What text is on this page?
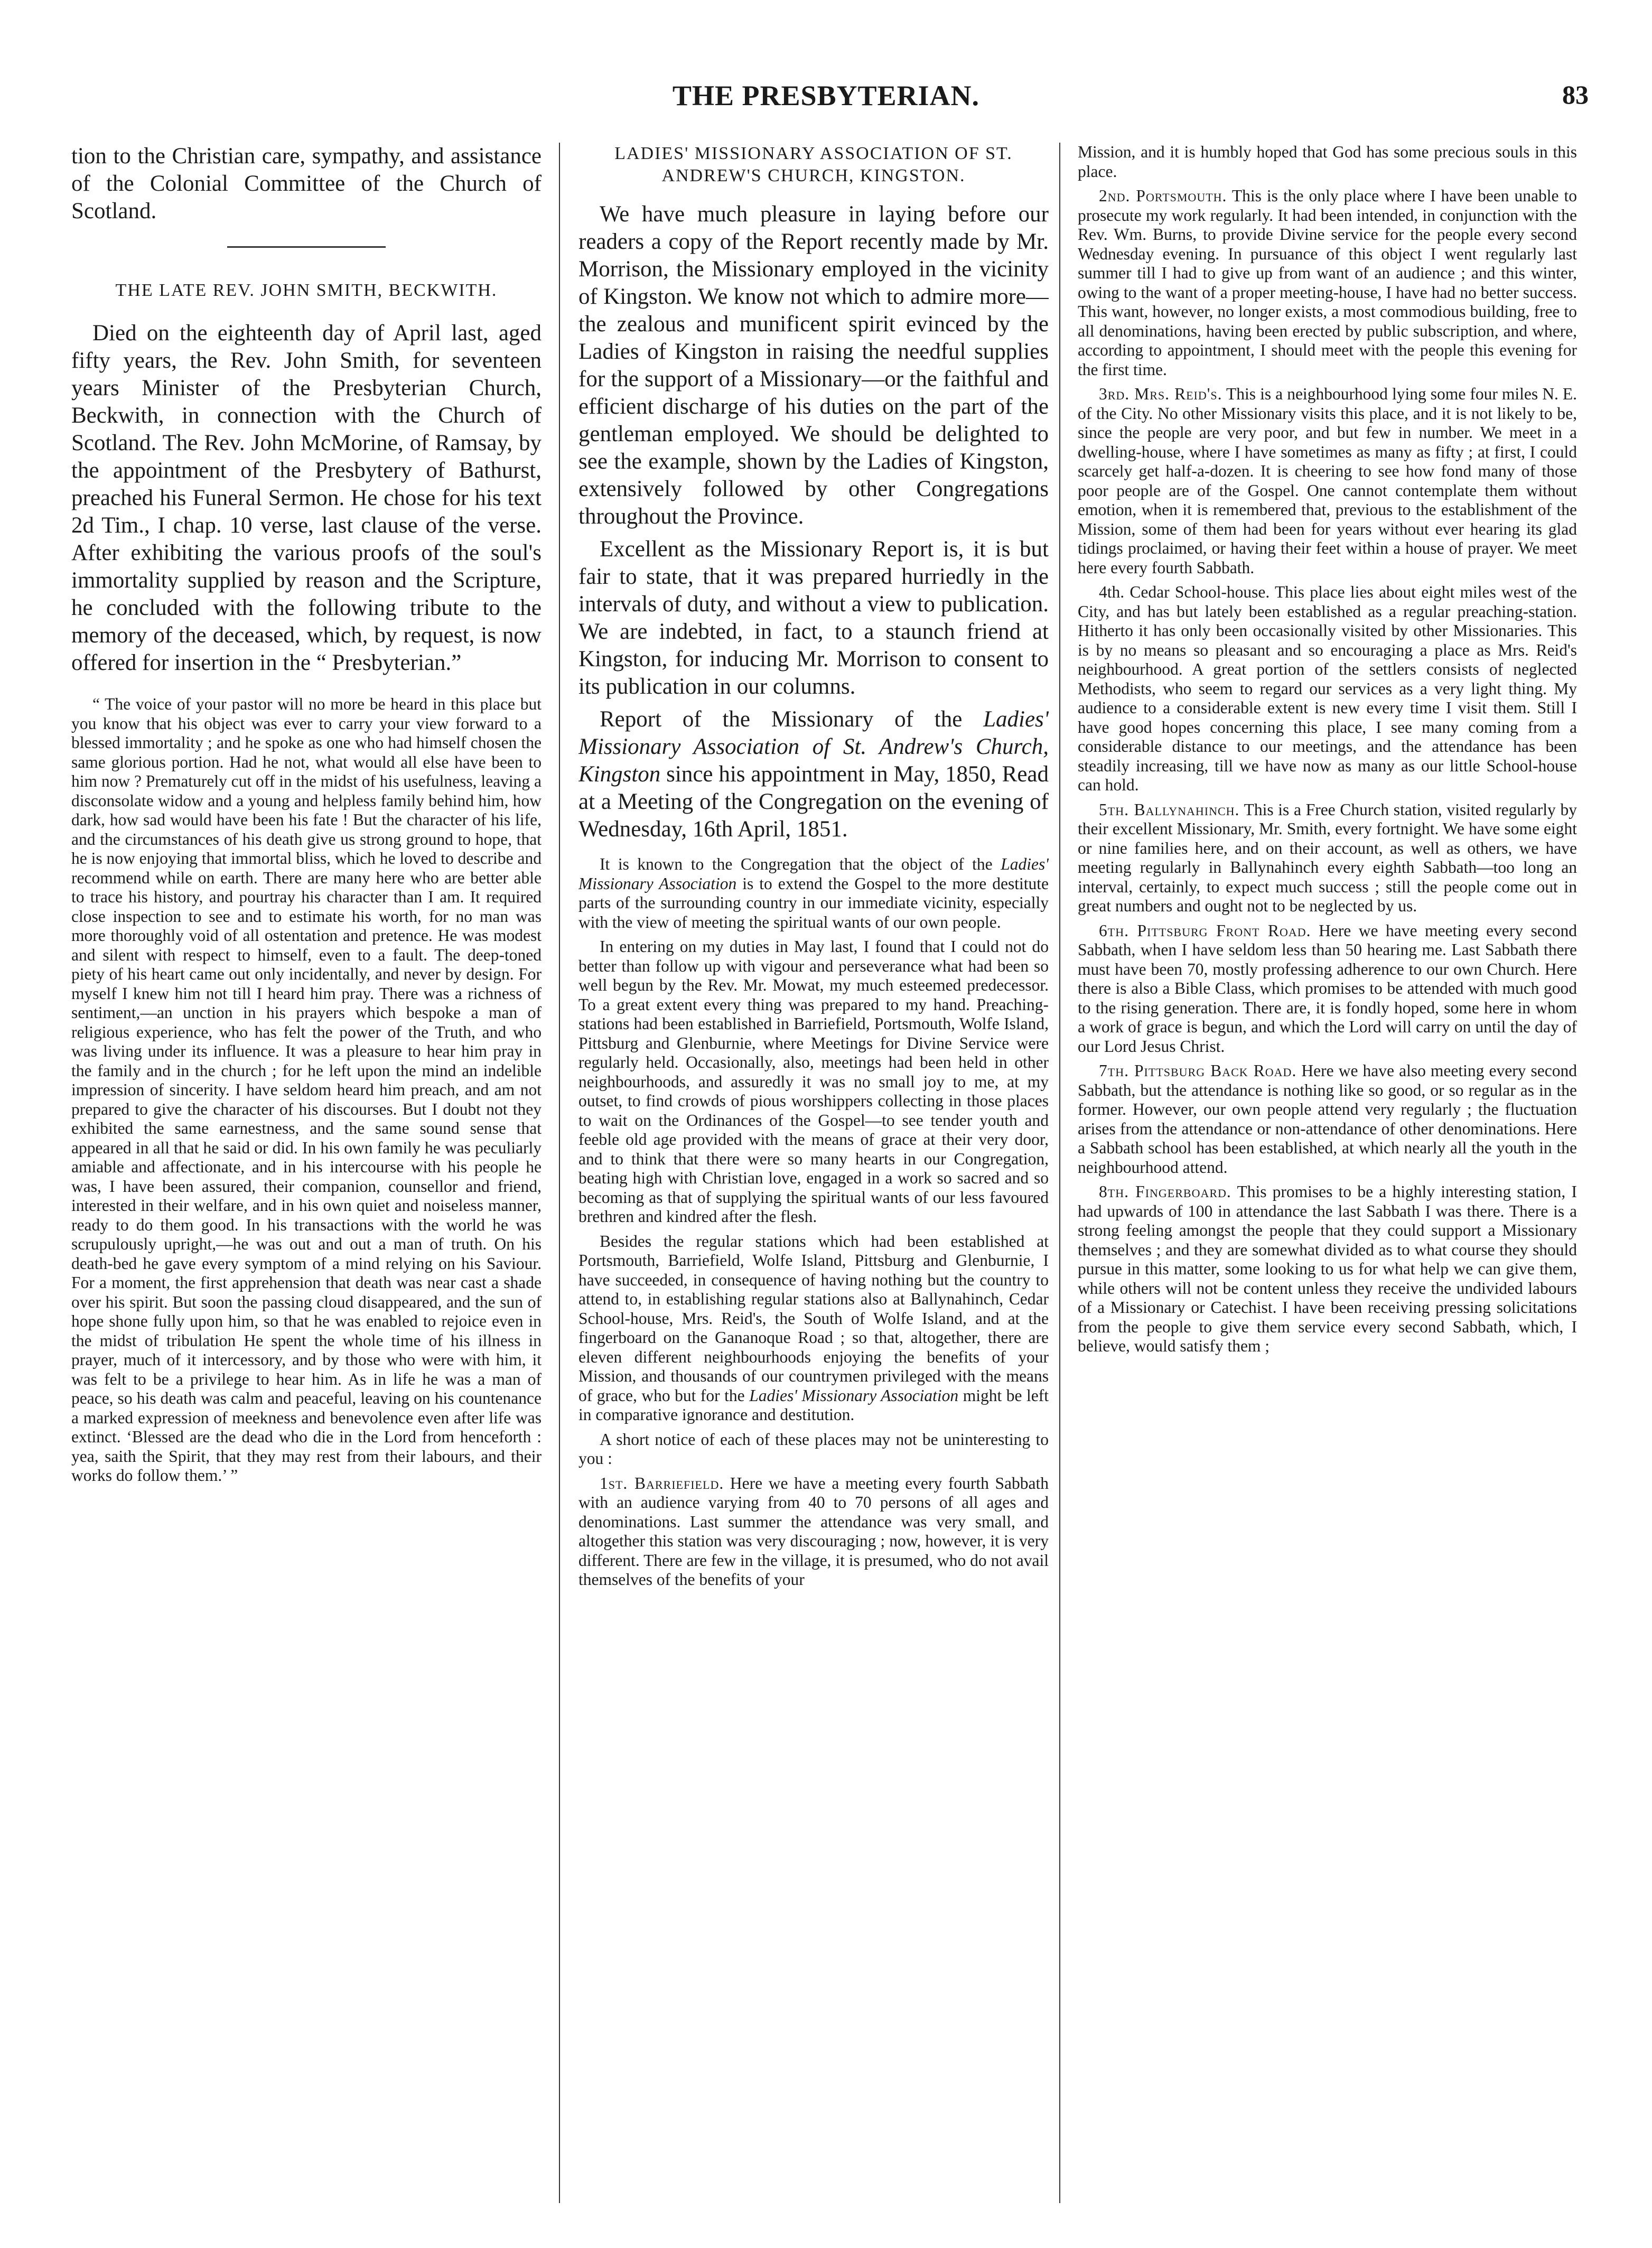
THE PRESBYTERIAN.	83

tion to the Christian care, sympathy, and assistance of the Colonial Committee of the Church of Scotland.

THE LATE REV. JOHN SMITH, BECKWITH.

Died on the eighteenth day of April last, aged fifty years, the Rev. John Smith, for seventeen years Minister of the Presbyterian Church, Beckwith, in connection with the Church of Scotland. The Rev. John McMorine, of Ramsay, by the appointment of the Presbytery of Bathurst, preached his Funeral Sermon. He chose for his text 2d Tim., I chap. 10 verse, last clause of the verse. After exhibiting the various proofs of the soul's immortality supplied by reason and the Scripture, he concluded with the following tribute to the memory of the deceased, which, by request, is now offered for insertion in the “ Presbyterian.”

“ The voice of your pastor will no more be heard in this place but you know that his object was ever to carry your view forward to a blessed immortality ; and he spoke as one who had himself chosen the same glorious portion. Had he not, what would all else have been to him now ? Prematurely cut off in the midst of his usefulness, leaving a disconsolate widow and a young and helpless family behind him, how dark, how sad would have been his fate ! But the character of his life, and the circumstances of his death give us strong ground to hope, that he is now enjoying that immortal bliss, which he loved to describe and recommend while on earth. There are many here who are better able to trace his history, and pourtray his character than I am. It required close inspection to see and to estimate his worth, for no man was more thoroughly void of all ostentation and pretence. He was modest and silent with respect to himself, even to a fault. The deep-toned piety of his heart came out only incidentally, and never by design. For myself I knew him not till I heard him pray. There was a richness of sentiment,—an unction in his prayers which bespoke a man of religious experience, who has felt the power of the Truth, and who was living under its influence. It was a pleasure to hear him pray in the family and in the church ; for he left upon the mind an indelible impression of sincerity. I have seldom heard him preach, and am not prepared to give the character of his discourses. But I doubt not they exhibited the same earnestness, and the same sound sense that appeared in all that he said or did. In his own family he was peculiarly amiable and affectionate, and in his intercourse with his people he was, I have been assured, their companion, counsellor and friend, interested in their welfare, and in his own quiet and noiseless manner, ready to do them good. In his transactions with the world he was scrupulously upright,—he was out and out a man of truth. On his death-bed he gave every symptom of a mind relying on his Saviour. For a moment, the first apprehension that death was near cast a shade over his spirit. But soon the passing cloud disappeared, and the sun of hope shone fully upon him, so that he was enabled to rejoice even in the midst of tribulation He spent the whole time of his illness in prayer, much of it intercessory, and by those who were with him, it was felt to be a privilege to hear him. As in life he was a man of peace, so his death was calm and peaceful, leaving on his countenance a marked expression of meekness and benevolence even after life was extinct. ‘Blessed are the dead who die in the Lord from henceforth : yea, saith the Spirit, that they may rest from their labours, and their works do follow them.’ ”

LADIES' MISSIONARY ASSOCIATION OF ST. ANDREW'S CHURCH, KINGSTON.

We have much pleasure in laying before our readers a copy of the Report recently made by Mr. Morrison, the Missionary employed in the vicinity of Kingston. We know not which to admire more—the zealous and munificent spirit evinced by the Ladies of Kingston in raising the needful supplies for the support of a Missionary—or the faithful and efficient discharge of his duties on the part of the gentleman employed. We should be delighted to see the example, shown by the Ladies of Kingston, extensively followed by other Congregations throughout the Province.

Excellent as the Missionary Report is, it is but fair to state, that it was prepared hurriedly in the intervals of duty, and without a view to publication. We are indebted, in fact, to a staunch friend at Kingston, for inducing Mr. Morrison to consent to its publication in our columns.

Report of the Missionary of the Ladies' Missionary Association of St. Andrew's Church, Kingston since his appointment in May, 1850, Read at a Meeting of the Congregation on the evening of Wednesday, 16th April, 1851.

It is known to the Congregation that the object of the Ladies' Missionary Association is to extend the Gospel to the more destitute parts of the surrounding country in our immediate vicinity, especially with the view of meeting the spiritual wants of our own people.

In entering on my duties in May last, I found that I could not do better than follow up with vigour and perseverance what had been so well begun by the Rev. Mr. Mowat, my much esteemed predecessor. To a great extent every thing was prepared to my hand. Preaching-stations had been established in Barriefield, Portsmouth, Wolfe Island, Pittsburg and Glenburnie, where Meetings for Divine Service were regularly held. Occasionally, also, meetings had been held in other neighbourhoods, and assuredly it was no small joy to me, at my outset, to find crowds of pious worshippers collecting in those places to wait on the Ordinances of the Gospel—to see tender youth and feeble old age provided with the means of grace at their very door, and to think that there were so many hearts in our Congregation, beating high with Christian love, engaged in a work so sacred and so becoming as that of supplying the spiritual wants of our less favoured brethren and kindred after the flesh.

Besides the regular stations which had been established at Portsmouth, Barriefield, Wolfe Island, Pittsburg and Glenburnie, I have succeeded, in consequence of having nothing but the country to attend to, in establishing regular stations also at Ballynahinch, Cedar School-house, Mrs. Reid's, the South of Wolfe Island, and at the fingerboard on the Gananoque Road ; so that, altogether, there are eleven different neighbourhoods enjoying the benefits of your Mission, and thousands of our countrymen privileged with the means of grace, who but for the Ladies' Missionary Association might be left in comparative ignorance and destitution.

A short notice of each of these places may not be uninteresting to you :

1st. Barriefield. Here we have a meeting every fourth Sabbath with an audience varying from 40 to 70 persons of all ages and denominations. Last summer the attendance was very small, and altogether this station was very discouraging ; now, however, it is very different. There are few in the village, it is presumed, who do not avail themselves of the benefits of your

Mission, and it is humbly hoped that God has some precious souls in this place.

2nd. Portsmouth. This is the only place where I have been unable to prosecute my work regularly. It had been intended, in conjunction with the Rev. Wm. Burns, to provide Divine service for the people every second Wednesday evening. In pursuance of this object I went regularly last summer till I had to give up from want of an audience ; and this winter, owing to the want of a proper meeting-house, I have had no better success. This want, however, no longer exists, a most commodious building, free to all denominations, having been erected by public subscription, and where, according to appointment, I should meet with the people this evening for the first time.

3rd. Mrs. Reid's. This is a neighbourhood lying some four miles N. E. of the City. No other Missionary visits this place, and it is not likely to be, since the people are very poor, and but few in number. We meet in a dwelling-house, where I have sometimes as many as fifty ; at first, I could scarcely get half-a-dozen. It is cheering to see how fond many of those poor people are of the Gospel. One cannot contemplate them without emotion, when it is remembered that, previous to the establishment of the Mission, some of them had been for years without ever hearing its glad tidings proclaimed, or having their feet within a house of prayer. We meet here every fourth Sabbath.

4th. Cedar School-house. This place lies about eight miles west of the City, and has but lately been established as a regular preaching-station. Hitherto it has only been occasionally visited by other Missionaries. This is by no means so pleasant and so encouraging a place as Mrs. Reid's neighbourhood. A great portion of the settlers consists of neglected Methodists, who seem to regard our services as a very light thing. My audience to a considerable extent is new every time I visit them. Still I have good hopes concerning this place, I see many coming from a considerable distance to our meetings, and the attendance has been steadily increasing, till we have now as many as our little School-house can hold.

5th. Ballynahinch. This is a Free Church station, visited regularly by their excellent Missionary, Mr. Smith, every fortnight. We have some eight or nine families here, and on their account, as well as others, we have meeting regularly in Ballynahinch every eighth Sabbath—too long an interval, certainly, to expect much success ; still the people come out in great numbers and ought not to be neglected by us.

6th. Pittsburg Front Road. Here we have meeting every second Sabbath, when I have seldom less than 50 hearing me. Last Sabbath there must have been 70, mostly professing adherence to our own Church. Here there is also a Bible Class, which promises to be attended with much good to the rising generation. There are, it is fondly hoped, some here in whom a work of grace is begun, and which the Lord will carry on until the day of our Lord Jesus Christ.

7th. Pittsburg Back Road. Here we have also meeting every second Sabbath, but the attendance is nothing like so good, or so regular as in the former. However, our own people attend very regularly ; the fluctuation arises from the attendance or non-attendance of other denominations. Here a Sabbath school has been established, at which nearly all the youth in the neighbourhood attend.

8th. Fingerboard. This promises to be a highly interesting station, I had upwards of 100 in attendance the last Sabbath I was there. There is a strong feeling amongst the people that they could support a Missionary themselves ; and they are somewhat divided as to what course they should pursue in this matter, some looking to us for what help we can give them, while others will not be content unless they receive the undivided labours of a Missionary or Catechist. I have been receiving pressing solicitations from the people to give them service every second Sabbath, which, I believe, would satisfy them ;
